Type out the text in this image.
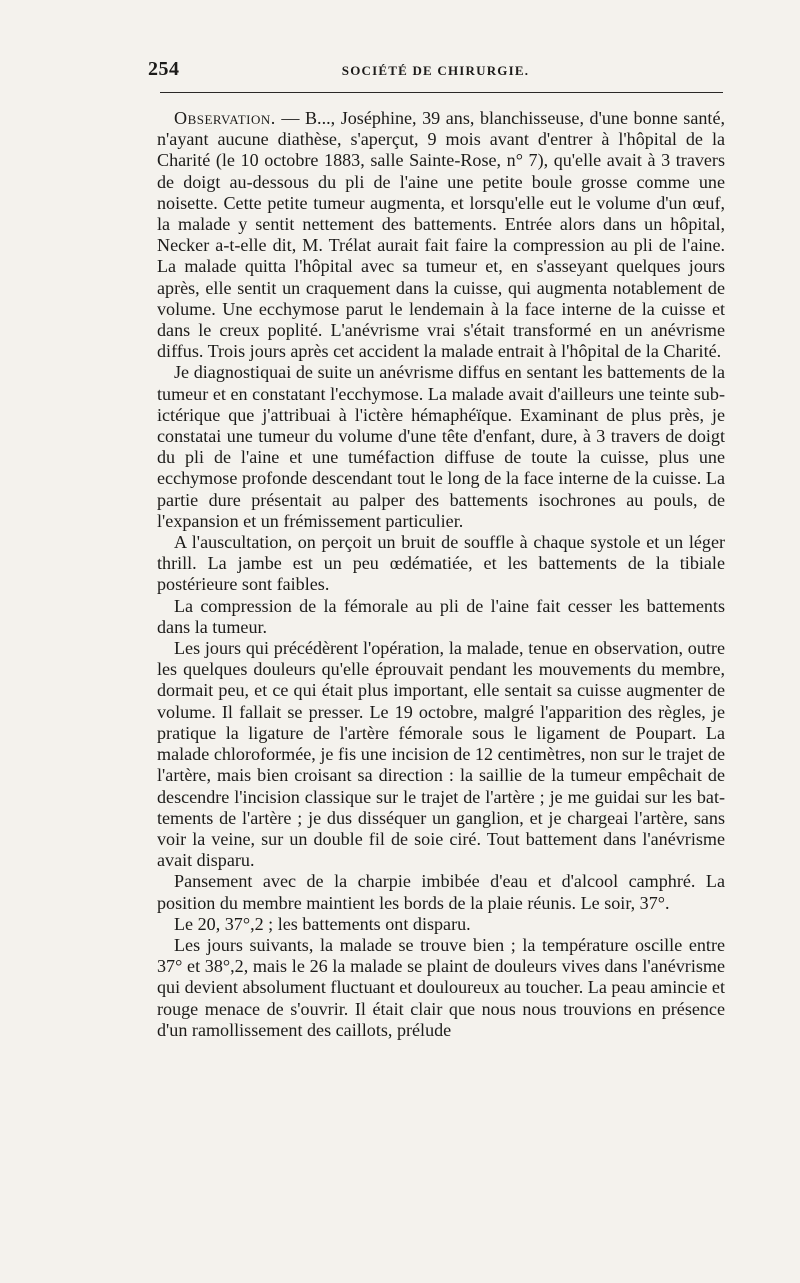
254	SOCIÉTÉ DE CHIRURGIE.

Observation. — B..., Joséphine, 39 ans, blanchisseuse, d'une bonne santé, n'ayant aucune diathèse, s'aperçut, 9 mois avant d'entrer à l'hôpital de la Charité (le 10 octobre 1883, salle Sainte-Rose, n° 7), qu'elle avait à 3 travers de doigt au-dessous du pli de l'aine une petite boule grosse comme une noisette. Cette petite tumeur augmenta, et lorsqu'elle eut le volume d'un œuf, la malade y sentit nettement des battements. Entrée alors dans un hôpital, Necker a-t-elle dit, M. Trélat aurait fait faire la compression au pli de l'aine. La malade quitta l'hôpital avec sa tumeur et, en s'asseyant quelques jours après, elle sentit un craquement dans la cuisse, qui augmenta notablement de volume. Une ecchymose parut le lendemain à la face interne de la cuisse et dans le creux poplité. L'anévrisme vrai s'était transformé en un anévrisme diffus. Trois jours après cet accident la malade entrait à l'hôpital de la Charité.

Je diagnostiquai de suite un anévrisme diffus en sentant les battements de la tumeur et en constatant l'ecchymose. La malade avait d'ailleurs une teinte sub-ictérique que j'attribuai à l'ictère hémaphéïque. Examinant de plus près, je constatai une tumeur du volume d'une tête d'enfant, dure, à 3 travers de doigt du pli de l'aine et une tuméfaction diffuse de toute la cuisse, plus une ecchymose profonde descendant tout le long de la face interne de la cuisse. La partie dure présentait au palper des battements isochrones au pouls, de l'expansion et un frémissement particulier.

A l'auscultation, on perçoit un bruit de souffle à chaque systole et un léger thrill. La jambe est un peu œdématiée, et les battements de la tibiale postérieure sont faibles.

La compression de la fémorale au pli de l'aine fait cesser les battements dans la tumeur.

Les jours qui précédèrent l'opération, la malade, tenue en observation, outre les quelques douleurs qu'elle éprouvait pendant les mouvements du membre, dormait peu, et ce qui était plus important, elle sentait sa cuisse augmenter de volume. Il fallait se presser. Le 19 octobre, malgré l'apparition des règles, je pratique la ligature de l'artère fémorale sous le ligament de Poupart. La malade chloroformée, je fis une incision de 12 centimètres, non sur le trajet de l'artère, mais bien croisant sa direction : la saillie de la tumeur empêchait de descendre l'incision classique sur le trajet de l'artère ; je me guidai sur les battements de l'artère ; je dus disséquer un ganglion, et je chargeai l'artère, sans voir la veine, sur un double fil de soie ciré. Tout battement dans l'anévrisme avait disparu.

Pansement avec de la charpie imbibée d'eau et d'alcool camphré. La position du membre maintient les bords de la plaie réunis. Le soir, 37°.

Le 20, 37°,2 ; les battements ont disparu.

Les jours suivants, la malade se trouve bien ; la température oscille entre 37° et 38°,2, mais le 26 la malade se plaint de douleurs vives dans l'anévrisme qui devient absolument fluctuant et douloureux au toucher. La peau amincie et rouge menace de s'ouvrir. Il était clair que nous nous trouvions en présence d'un ramollissement des caillots, prélude
